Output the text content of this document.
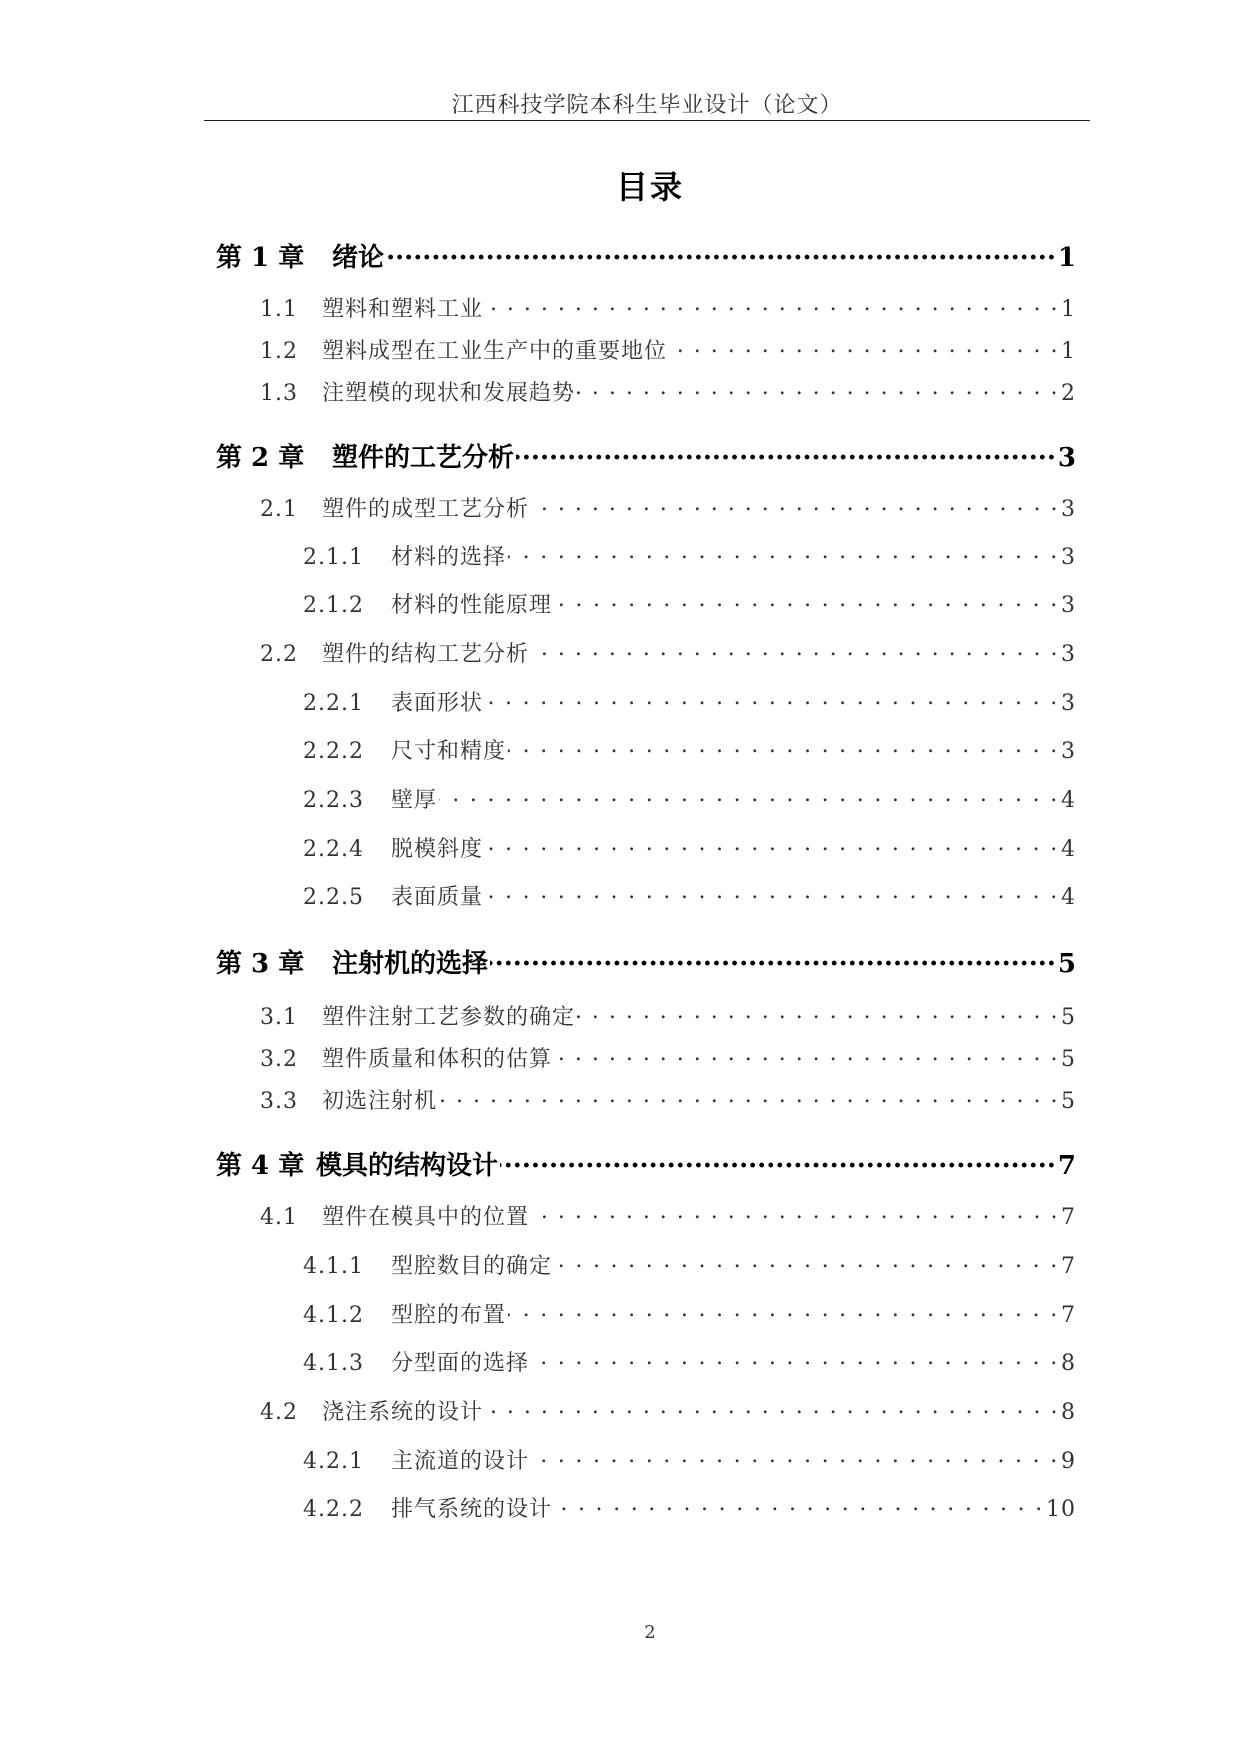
江西科技学院本科生毕业设计（论文）
目录
第 1 章	绪论 .....	1
1.1	塑料和塑料工业 . . .	1
1.2	塑料成型在工业生产中的重要地位 . . .	1
1.3	注塑模的现状和发展趋势 . . .	2
第 2 章	塑件的工艺分析 .....	3
2.1	塑件的成型工艺分析 . . .	3
2.1.1	材料的选择 . . .	3
2.1.2	材料的性能原理 . . .	3
2.2	塑件的结构工艺分析 . . .	3
2.2.1	表面形状 . . .	3
2.2.2	尺寸和精度 . . .	3
2.2.3	壁厚 . . .	4
2.2.4	脱模斜度 . . .	4
2.2.5	表面质量 . . .	4
第 3 章	注射机的选择 .....	5
3.1	塑件注射工艺参数的确定 . . .	5
3.2	塑件质量和体积的估算 . . .	5
3.3	初选注射机 . . .	5
第 4 章 模具的结构设计 .....	7
4.1	塑件在模具中的位置 . . .	7
4.1.1	型腔数目的确定 . . .	7
4.1.2	型腔的布置 . . .	7
4.1.3	分型面的选择 . . .	8
4.2	浇注系统的设计 . . .	8
4.2.1	主流道的设计 . . .	9
4.2.2	排气系统的设计 . . .	10
2
